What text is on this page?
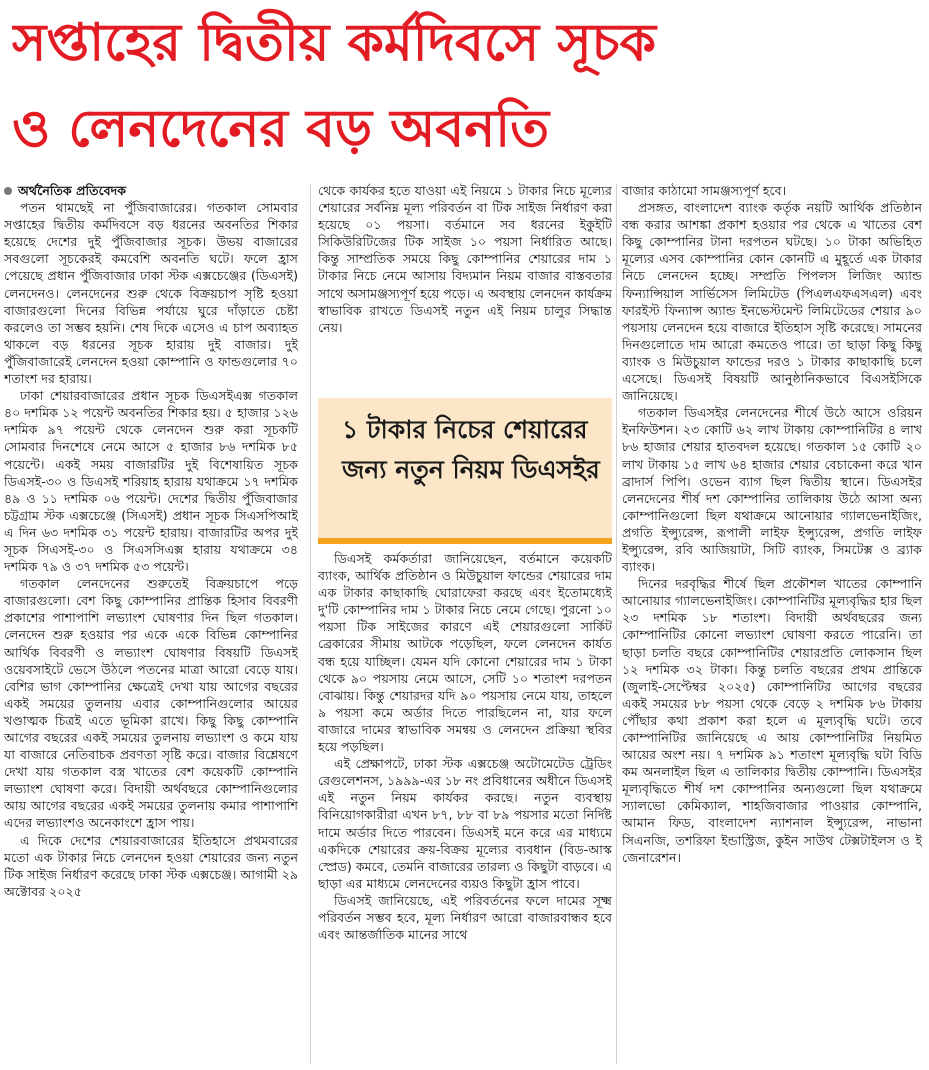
সপ্তাহের দ্বিতীয় কর্মদিবসে সূচক
ও লেনদেনের বড় অবনতি
অর্থনৈতিক প্রতিবেদক

পতন থামছেই না পুঁজিবাজারের। গতকাল সোমবার সপ্তাহের দ্বিতীয় কর্মদিবসে বড় ধরনের অবনতির শিকার হয়েছে দেশের দুই পুঁজিবাজার সূচক। উভয় বাজারের সবগুলো সূচকেরই কমবেশি অবনতি ঘটে। ফলে হ্রাস পেয়েছে প্রধান পুঁজিবাজার ঢাকা স্টক এক্সচেঞ্জের (ডিএসই) লেনদেনও। লেনদেনের শুরু থেকে বিক্রয়চাপ সৃষ্টি হওয়া বাজারগুলো দিনের বিভিন্ন পর্যায়ে ঘুরে দাঁড়াতে চেষ্টা করলেও তা সম্ভব হয়নি। শেষ দিকে এসেও এ চাপ অব্যাহত থাকলে বড় ধরনের সূচক হারায় দুই বাজার। দুই পুঁজিবাজারেই লেনদেন হওয়া কোম্পানি ও ফান্ডগুলোর ৭০ শতাংশ দর হারায়।

ঢাকা শেয়ারবাজারের প্রধান সূচক ডিএসইএক্স গতকাল ৪০ দশমিক ১২ পয়েন্ট অবনতির শিকার হয়। ৫ হাজার ১২৬ দশমিক ৯৭ পয়েন্ট থেকে লেনদেন শুরু করা সূচকটি সোমবার দিনশেষে নেমে আসে ৫ হাজার ৮৬ দশমিক ৮৫ পয়েন্টে। একই সময় বাজারটির দুই বিশেষায়িত সূচক ডিএসই-৩০ ও ডিএসই শরিয়াহ হারায় যথাক্রমে ১৭ দশমিক ৪৯ ও ১১ দশমিক ০৬ পয়েন্ট। দেশের দ্বিতীয় পুঁজিবাজার চট্টগ্রাম স্টক এক্সচেঞ্জে (সিএসই) প্রধান সূচক সিএসপিআই এ দিন ৬৩ দশমিক ৩১ পয়েন্ট হারায়। বাজারটির অপর দুই সূচক সিএসই-৩০ ও সিএসসিএক্স হারায় যথাক্রমে ৩৪ দশমিক ৭৯ ও ৩৭ দশমিক ৫৩ পয়েন্ট।

গতকাল লেনদেনের শুরুতেই বিক্রয়চাপে পড়ে বাজারগুলো। বেশ কিছু কোম্পানির প্রান্তিক হিসাব বিবরণী প্রকাশের পাশাপাশি লভ্যাংশ ঘোষণার দিন ছিল গতকাল। লেনদেন শুরু হওয়ার পর একে একে বিভিন্ন কোম্পানির আর্থিক বিবরণী ও লভ্যাংশ ঘোষণার বিষয়টি ডিএসই ওয়েবসাইটে ভেসে উঠলে পতনের মাত্রা আরো বেড়ে যায়। বেশির ভাগ কোম্পানির ক্ষেত্রেই দেখা যায় আগের বছরের একই সময়ের তুলনায় এবার কোম্পানিগুলোর আয়ের খণ্ডাত্মক চিত্রই এতে ভূমিকা রাখে। কিছু কিছু কোম্পানি আগের বছরের একই সময়ের তুলনায় লভ্যাংশ ও কমে যায় যা বাজারে নেতিবাচক প্রবণতা সৃষ্টি করে। বাজার বিশ্লেষণে দেখা যায় গতকাল বস্ত্র খাতের বেশ কয়েকটি কোম্পানি লভ্যাংশ ঘোষণা করে। বিদায়ী অর্থবছরে কোম্পানিগুলোর আয় আগের বছরের একই সময়ের তুলনায় কমার পাশাপাশি এদের লভ্যাংশও অনেকাংশে হ্রাস পায়।

এ দিকে দেশের শেয়ারবাজারের ইতিহাসে প্রথমবারের মতো এক টাকার নিচে লেনদেন হওয়া শেয়ারের জন্য নতুন টিক সাইজ নির্ধারণ করেছে ঢাকা স্টক এক্সচেঞ্জ। আগামী ২৯ অক্টোবর ২০২৫

থেকে কার্যকর হতে যাওয়া এই নিয়মে ১ টাকার নিচে মূল্যের শেয়ারের সর্বনিম্ন মূল্য পরিবর্তন বা টিক সাইজ নির্ধারণ করা হয়েছে ০১ পয়সা। বর্তমানে সব ধরনের ইকুইটি সিকিউরিটিজের টিক সাইজ ১০ পয়সা নির্ধারিত আছে। কিন্তু সাম্প্রতিক সময়ে কিছু কোম্পানির শেয়ারের দাম ১ টাকার নিচে নেমে আসায় বিদ্যমান নিয়ম বাজার বাস্তবতার সাথে অসামঞ্জস্যপূর্ণ হয়ে পড়ে। এ অবস্থায় লেনদেন কার্যক্রম স্বাভাবিক রাখতে ডিএসই নতুন এই নিয়ম চালুর সিদ্ধান্ত নেয়।

১ টাকার নিচের শেয়ারের জন্য নতুন নিয়ম ডিএসইর

ডিএসই কর্মকর্তারা জানিয়েছেন, বর্তমানে কয়েকটি ব্যাংক, আর্থিক প্রতিষ্ঠান ও মিউচুয়াল ফান্ডের শেয়ারের দাম এক টাকার কাছাকাছি ঘোরাফেরা করছে এবং ইতোমধ্যেই দু'টি কোম্পানির দাম ১ টাকার নিচে নেমে গেছে। পুরনো ১০ পয়সা টিক সাইজের কারণে এই শেয়ারগুলো সার্কিট ব্রেকারের সীমায় আটকে পড়েছিল, ফলে লেনদেন কার্যত বন্ধ হয়ে যাচ্ছিল। যেমন যদি কোনো শেয়ারের দাম ১ টাকা থেকে ৯০ পয়সায় নেমে আসে, সেটি ১০ শতাংশ দরপতন বোঝায়। কিন্তু শেয়ারদর যদি ৯০ পয়সায় নেমে যায়, তাহলে ৯ পয়সা কমে অর্ডার দিতে পারছিলেন না, যার ফলে বাজারে দামের স্বাভাবিক সমন্বয় ও লেনদেন প্রক্রিয়া স্থবির হয়ে পড়ছিল।

এই প্রেক্ষাপটে, ঢাকা স্টক এক্সচেঞ্জ অটোমেটেড ট্রেডিং রেগুলেশনস, ১৯৯৯-এর ১৮ নং প্রবিধানের অধীনে ডিএসই এই নতুন নিয়ম কার্যকর করছে। নতুন ব্যবস্থায় বিনিয়োগকারীরা এখন ৮৭, ৮৮ বা ৮৯ পয়সার মতো নির্দিষ্ট দামে অর্ডার দিতে পারবেন। ডিএসই মনে করে এর মাধ্যমে একদিকে শেয়ারের ক্রয়-বিক্রয় মূল্যের ব্যবধান (বিড-আস্ক স্প্রেড) কমবে, তেমনি বাজারের তারল্য ও কিছুটা বাড়বে। এ ছাড়া এর মাধ্যমে লেনদেনের ব্যয়ও কিছুটা হ্রাস পাবে।

ডিএসই জানিয়েছে, এই পরিবর্তনের ফলে দামের সূক্ষ্ম পরিবর্তন সম্ভব হবে, মূল্য নির্ধারণ আরো বাজারবান্ধব হবে এবং আন্তর্জাতিক মানের সাথে

বাজার কাঠামো সামঞ্জস্যপূর্ণ হবে।

প্রসঙ্গত, বাংলাদেশ ব্যাংক কর্তৃক নয়টি আর্থিক প্রতিষ্ঠান বন্ধ করার আশঙ্কা প্রকাশ হওয়ার পর থেকে এ খাতের বেশ কিছু কোম্পানির টানা দরপতন ঘটছে। ১০ টাকা অভিহিত মূল্যের এসব কোম্পানির কোন কোনটি এ মুহূর্তে এক টাকার নিচে লেনদেন হচ্ছে। সম্প্রতি পিপলস লিজিং অ্যান্ড ফিন্যান্সিয়াল সার্ভিসেস লিমিটেড (পিএলএফএসএল) এবং ফারইস্ট ফিন্যান্স অ্যান্ড ইনভেস্টমেন্ট লিমিটেডের শেয়ার ৯০ পয়সায় লেনদেন হয়ে বাজারে ইতিহাস সৃষ্টি করেছে। সামনের দিনগুলোতে দাম আরো কমতেও পারে। তা ছাড়া কিছু কিছু ব্যাংক ও মিউচুয়াল ফান্ডের দরও ১ টাকার কাছাকাছি চলে এসেছে। ডিএসই বিষয়টি আনুষ্ঠানিকভাবে বিএসইসিকে জানিয়েছে।

গতকাল ডিএসইর লেনদেনের শীর্ষে উঠে আসে ওরিয়ন ইনফিউশন। ২৩ কোটি ৬২ লাখ টাকায় কোম্পানিটির ৪ লাখ ৮৬ হাজার শেয়ার হাতবদল হয়েছে। গতকাল ১৫ কোটি ২০ লাখ টাকায় ১৫ লাখ ৬৪ হাজার শেয়ার বেচাকেনা করে খান ব্রাদার্স পিপি। ওভেন ব্যাগ ছিল দ্বিতীয় স্থানে। ডিএসইর লেনদেনের শীর্ষ দশ কোম্পানির তালিকায় উঠে আসা অন্য কোম্পানিগুলো ছিল যথাক্রমে আনোয়ার গ্যালভেনাইজিং, প্রগতি ইন্স্যুরেন্স, রূপালী লাইফ ইন্স্যুরেন্স, প্রগতি লাইফ ইন্স্যুরেন্স, রবি আজিয়াটা, সিটি ব্যাংক, সিমটেক্স ও ব্র্যাক ব্যাংক।

দিনের দরবৃদ্ধির শীর্ষে ছিল প্রকৌশল খাতের কোম্পানি আনোয়ার গ্যালভেনাইজিং। কোম্পানিটির মূল্যবৃদ্ধির হার ছিল ২৩ দশমিক ১৮ শতাংশ। বিদায়ী অর্থবছরের জন্য কোম্পানিটির কোনো লভ্যাংশ ঘোষণা করতে পারেনি। তা ছাড়া চলতি বছরে কোম্পানিটির শেয়ারপ্রতি লোকসান ছিল ১২ দশমিক ৩২ টাকা। কিন্তু চলতি বছরের প্রথম প্রান্তিকে (জুলাই-সেপ্টেম্বর ২০২৫) কোম্পানিটির আগের বছরের একই সময়ের ৮৮ পয়সা থেকে বেড়ে ২ দশমিক ৮৬ টাকায় পৌঁছার কথা প্রকাশ করা হলে এ মূল্যবৃদ্ধি ঘটে। তবে কোম্পানিটির জানিয়েছে এ আয় কোম্পানিটির নিয়মিত আয়ের অংশ নয়। ৭ দশমিক ৯১ শতাংশ মূল্যবৃদ্ধি ঘটা বিডি কম অনলাইল ছিল এ তালিকার দ্বিতীয় কোম্পানি। ডিএসইর মূল্যবৃদ্ধিতে শীর্ষ দশ কোম্পানির অন্যগুলো ছিল যথাক্রমে স্যালভো কেমিক্যাল, শাহজিবাজার পাওয়ার কোম্পানি, আমান ফিড, বাংলাদেশ ন্যাশনাল ইন্স্যুরেন্স, নাভানা সিএনজি, তশরিফা ইন্ডাস্ট্রিজ, কুইন সাউথ টেক্সটাইলস ও ই জেনারেশন।
